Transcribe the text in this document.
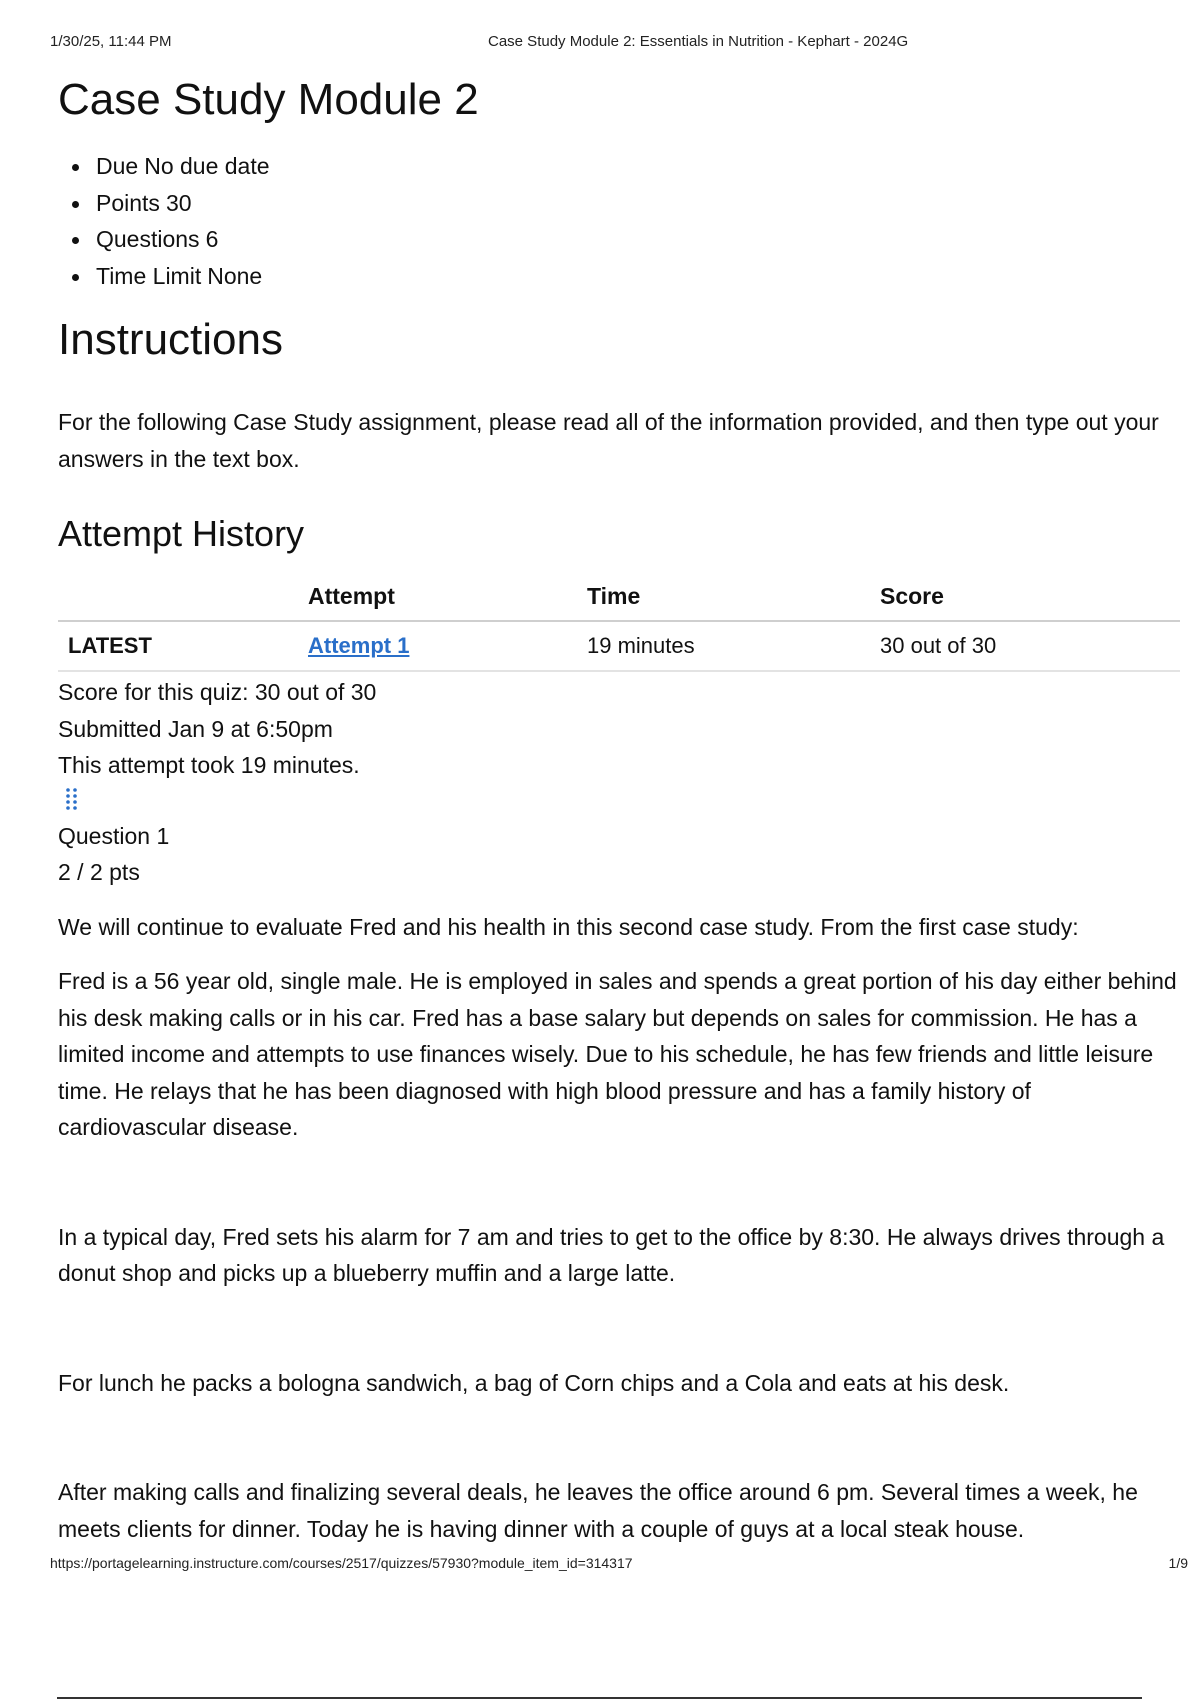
1/30/25, 11:44 PM	Case Study Module 2: Essentials in Nutrition - Kephart - 2024G
Case Study Module 2
Due No due date
Points 30
Questions 6
Time Limit None
Instructions

For the following Case Study assignment, please read all of the information provided, and then type out your answers in the text box.

Attempt History
	Attempt	Time	Score
LATEST	Attempt 1	19 minutes	30 out of 30

Score for this quiz: 30 out of 30

Submitted Jan 9 at 6:50pm

This attempt took 19 minutes.

Question 1

2 / 2 pts

We will continue to evaluate Fred and his health in this second case study. From the first case study:

Fred is a 56 year old, single male. He is employed in sales and spends a great portion of his day either behind his desk making calls or in his car. Fred has a base salary but depends on sales for commission. He has a limited income and attempts to use finances wisely. Due to his schedule, he has few friends and little leisure time. He relays that he has been diagnosed with high blood pressure and has a family history of cardiovascular disease.

In a typical day, Fred sets his alarm for 7 am and tries to get to the office by 8:30. He always drives through a donut shop and picks up a blueberry muffin and a large latte.

For lunch he packs a bologna sandwich, a bag of Corn chips and a Cola and eats at his desk.

After making calls and finalizing several deals, he leaves the office around 6 pm. Several times a week, he meets clients for dinner. Today he is having dinner with a couple of guys at a local steak house.

https://portagelearning.instructure.com/courses/2517/quizzes/57930?module_item_id=314317	1/9
